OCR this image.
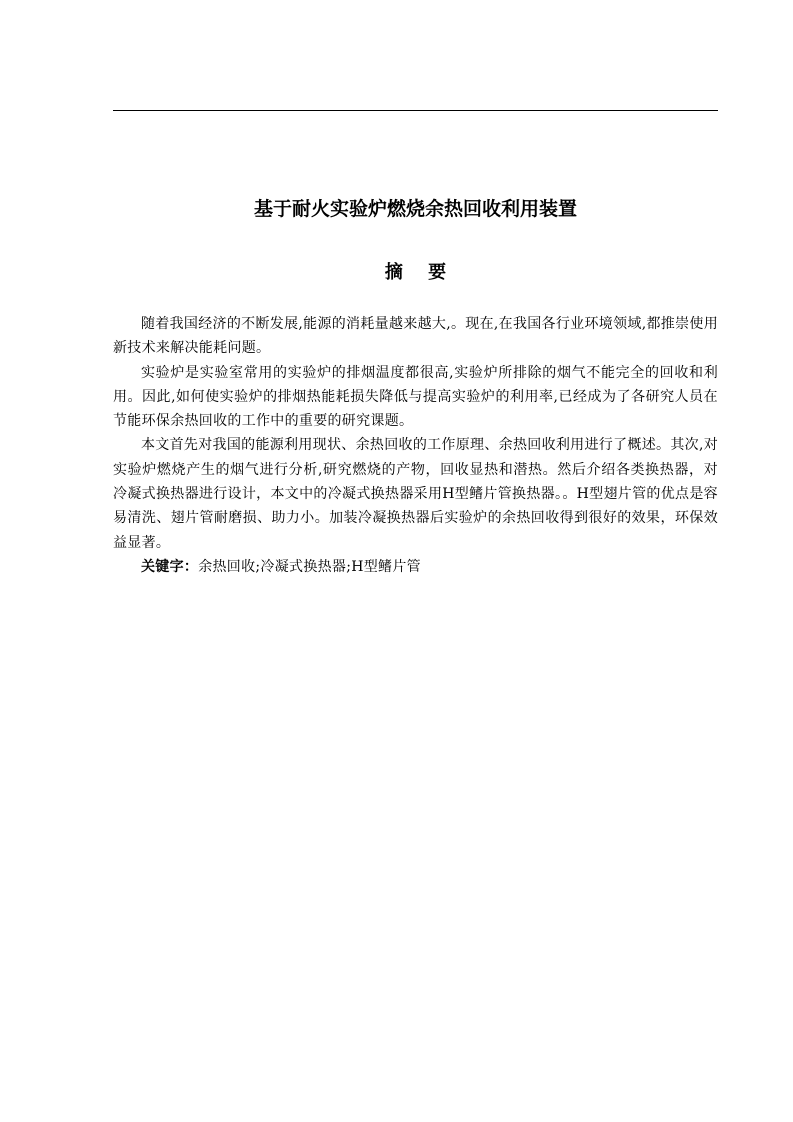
基于耐火实验炉燃烧余热回收利用装置
摘要

随着我国经济的不断发展,能源的消耗量越来越大,。现在,在我国各行业环境领域,都推崇使用新技术来解决能耗问题。

实验炉是实验室常用的实验炉的排烟温度都很高,实验炉所排除的烟气不能完全的回收和利用。因此,如何使实验炉的排烟热能耗损失降低与提高实验炉的利用率,已经成为了各研究人员在节能环保余热回收的工作中的重要的研究课题。

本文首先对我国的能源利用现状、余热回收的工作原理、余热回收利用进行了概述。其次,对实验炉燃烧产生的烟气进行分析,研究燃烧的产物，回收显热和潜热。然后介绍各类换热器，对冷凝式换热器进行设计，本文中的冷凝式换热器采用H型鳍片管换热器。。H型翅片管的优点是容易清洗、翅片管耐磨损、助力小。加装冷凝换热器后实验炉的余热回收得到很好的效果，环保效益显著。

关键字：余热回收;冷凝式换热器;H型鳍片管
